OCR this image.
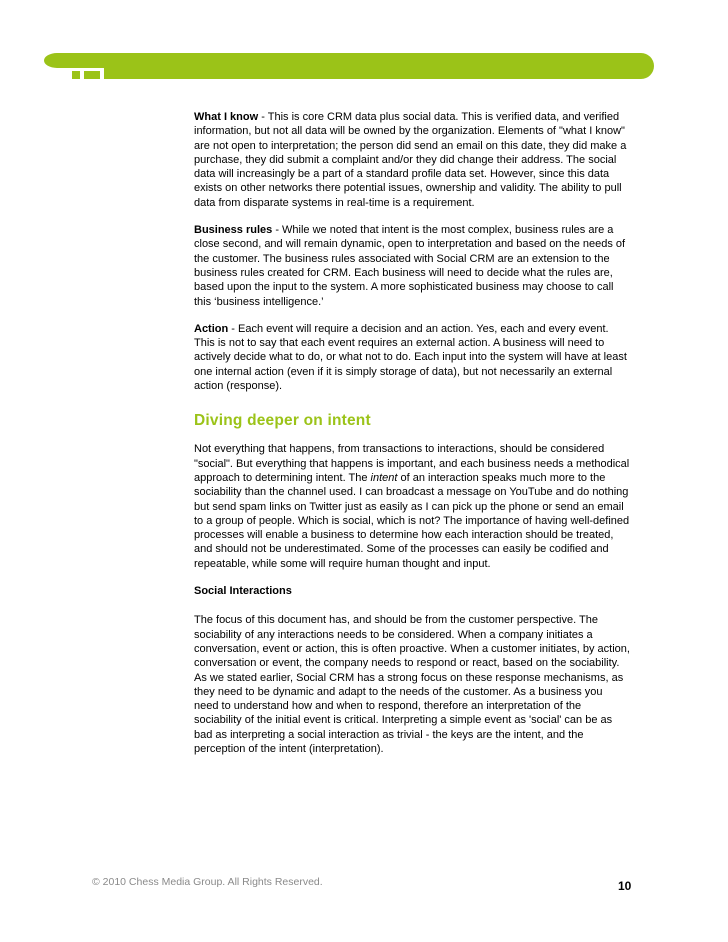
What I know - This is core CRM data plus social data. This is verified data, and verified information, but not all data will be owned by the organization. Elements of "what I know" are not open to interpretation; the person did send an email on this date, they did make a purchase, they did submit a complaint and/or they did change their address. The social data will increasingly be a part of a standard profile data set. However, since this data exists on other networks there potential issues, ownership and validity. The ability to pull data from disparate systems in real-time is a requirement.

Business rules - While we noted that intent is the most complex, business rules are a close second, and will remain dynamic, open to interpretation and based on the needs of the customer. The business rules associated with Social CRM are an extension to the business rules created for CRM. Each business will need to decide what the rules are, based upon the input to the system. A more sophisticated business may choose to call this ‘business intelligence.’

Action - Each event will require a decision and an action. Yes, each and every event. This is not to say that each event requires an external action. A business will need to actively decide what to do, or what not to do. Each input into the system will have at least one internal action (even if it is simply storage of data), but not necessarily an external action (response).

Diving deeper on intent

Not everything that happens, from transactions to interactions, should be considered "social". But everything that happens is important, and each business needs a methodical approach to determining intent. The intent of an interaction speaks much more to the sociability than the channel used. I can broadcast a message on YouTube and do nothing but send spam links on Twitter just as easily as I can pick up the phone or send an email to a group of people. Which is social, which is not? The importance of having well-defined processes will enable a business to determine how each interaction should be treated, and should not be underestimated. Some of the processes can easily be codified and repeatable, while some will require human thought and input.

Social Interactions

The focus of this document has, and should be from the customer perspective. The sociability of any interactions needs to be considered. When a company initiates a conversation, event or action, this is often proactive. When a customer initiates, by action, conversation or event, the company needs to respond or react, based on the sociability. As we stated earlier, Social CRM has a strong focus on these response mechanisms, as they need to be dynamic and adapt to the needs of the customer. As a business you need to understand how and when to respond, therefore an interpretation of the sociability of the initial event is critical. Interpreting a simple event as 'social' can be as bad as interpreting a social interaction as trivial - the keys are the intent, and the perception of the intent (interpretation).

© 2010 Chess Media Group. All Rights Reserved.	10
